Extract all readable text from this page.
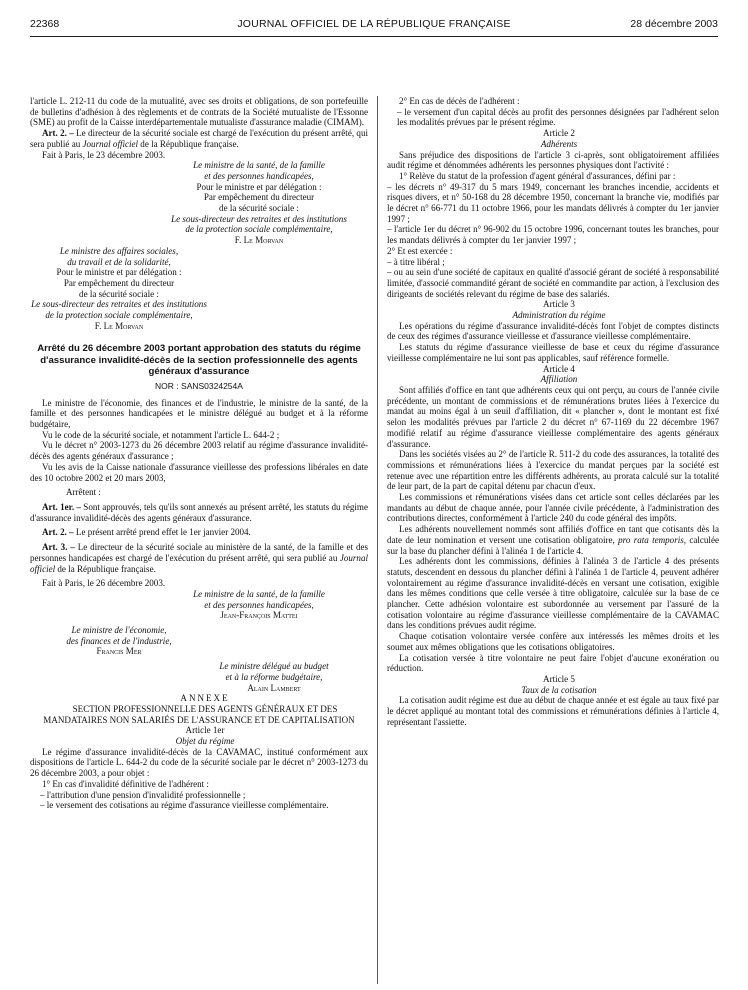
22368	JOURNAL OFFICIEL DE LA RÉPUBLIQUE FRANÇAISE	28 décembre 2003

l'article L. 212-11 du code de la mutualité, avec ses droits et obligations, de son portefeuille de bulletins d'adhésion à des règlements et de contrats de la Société mutualiste de l'Essonne (SME) au profit de la Caisse interdépartementale mutualiste d'assurance maladie (CIMAM).

Art. 2. – Le directeur de la sécurité sociale est chargé de l'exécution du présent arrêté, qui sera publié au Journal officiel de la République française.

Fait à Paris, le 23 décembre 2003.

Le ministre de la santé, de la famille

et des personnes handicapées,

Pour le ministre et par délégation :

Par empêchement du directeur

de la sécurité sociale :

Le sous-directeur des retraites et des institutions

de la protection sociale complémentaire,

F. Le Morvan

Le ministre des affaires sociales,

du travail et de la solidarité,

Pour le ministre et par délégation :

Par empêchement du directeur

de la sécurité sociale :

Le sous-directeur des retraites et des institutions

de la protection sociale complémentaire,

F. Le Morvan

Arrêté du 26 décembre 2003 portant approbation des statuts du régime d'assurance invalidité-décès de la section professionnelle des agents généraux d'assurance
NOR : SANS0324254A

Le ministre de l'économie, des finances et de l'industrie, le ministre de la santé, de la famille et des personnes handicapées et le ministre délégué au budget et à la réforme budgétaire,

Vu le code de la sécurité sociale, et notamment l'article L. 644-2 ;

Vu le décret n° 2003-1273 du 26 décembre 2003 relatif au régime d'assurance invalidité-décès des agents généraux d'assurance ;

Vu les avis de la Caisse nationale d'assurance vieillesse des professions libérales en date des 10 octobre 2002 et 20 mars 2003,

Arrêtent :

Art. 1er. – Sont approuvés, tels qu'ils sont annexés au présent arrêté, les statuts du régime d'assurance invalidité-décès des agents généraux d'assurance.

Art. 2. – Le présent arrêté prend effet le 1er janvier 2004.

Art. 3. – Le directeur de la sécurité sociale au ministère de la santé, de la famille et des personnes handicapées est chargé de l'exécution du présent arrêté, qui sera publié au Journal officiel de la République française.

Fait à Paris, le 26 décembre 2003.

Le ministre de la santé, de la famille

et des personnes handicapées,

Jean-François Mattei

Le ministre de l'économie,

des finances et de l'industrie,

Francis Mer

Le ministre délégué au budget

et à la réforme budgétaire,

Alain Lambert

ANNEXE

SECTION PROFESSIONNELLE DES AGENTS GÉNÉRAUX ET DES MANDATAIRES NON SALARIÉS DE L'ASSURANCE ET DE CAPITALISATION

Article 1er

Objet du régime

Le régime d'assurance invalidité-décès de la CAVAMAC, institué conformément aux dispositions de l'article L. 644-2 du code de la sécurité sociale par le décret n° 2003-1273 du 26 décembre 2003, a pour objet :

1° En cas d'invalidité définitive de l'adhérent :

– l'attribution d'une pension d'invalidité professionnelle ;

– le versement des cotisations au régime d'assurance vieillesse complémentaire.

2° En cas de décès de l'adhérent :

– le versement d'un capital décès au profit des personnes désignées par l'adhérent selon les modalités prévues par le présent régime.

Article 2

Adhérents

Sans préjudice des dispositions de l'article 3 ci-après, sont obligatoirement affiliées audit régime et dénommées adhérents les personnes physiques dont l'activité :

1° Relève du statut de la profession d'agent général d'assurances, défini par :

– les décrets n° 49-317 du 5 mars 1949, concernant les branches incendie, accidents et risques divers, et n° 50-168 du 28 décembre 1950, concernant la branche vie, modifiés par le décret n° 66-771 du 11 octobre 1966, pour les mandats délivrés à compter du 1er janvier 1997 ;

– l'article 1er du décret n° 96-902 du 15 octobre 1996, concernant toutes les branches, pour les mandats délivrés à compter du 1er janvier 1997 ;

2° Et est exercée :

– à titre libéral ;

– ou au sein d'une société de capitaux en qualité d'associé gérant de société à responsabilité limitée, d'associé commandité gérant de société en commandite par action, à l'exclusion des dirigeants de sociétés relevant du régime de base des salariés.

Article 3

Administration du régime

Les opérations du régime d'assurance invalidité-décès font l'objet de comptes distincts de ceux des régimes d'assurance vieillesse et d'assurance vieillesse complémentaire.

Les statuts du régime d'assurance vieillesse de base et ceux du régime d'assurance vieillesse complémentaire ne lui sont pas applicables, sauf référence formelle.

Article 4

Affiliation

Sont affiliés d'office en tant que adhérents ceux qui ont perçu, au cours de l'année civile précédente, un montant de commissions et de rémunérations brutes liées à l'exercice du mandat au moins égal à un seuil d'affiliation, dit « plancher », dont le montant est fixé selon les modalités prévues par l'article 2 du décret n° 67-1169 du 22 décembre 1967 modifié relatif au régime d'assurance vieillesse complémentaire des agents généraux d'assurance.

Dans les sociétés visées au 2° de l'article R. 511-2 du code des assurances, la totalité des commissions et rémunérations liées à l'exercice du mandat perçues par la société est retenue avec une répartition entre les différents adhérents, au prorata calculé sur la totalité de leur part, de la part de capital détenu par chacun d'eux.

Les commissions et rémunérations visées dans cet article sont celles déclarées par les mandants au début de chaque année, pour l'année civile précédente, à l'administration des contributions directes, conformément à l'article 240 du code général des impôts.

Les adhérents nouvellement nommés sont affiliés d'office en tant que cotisants dès la date de leur nomination et versent une cotisation obligatoire, pro rata temporis, calculée sur la base du plancher défini à l'alinéa 1 de l'article 4.

Les adhérents dont les commissions, définies à l'alinéa 3 de l'article 4 des présents statuts, descendent en dessous du plancher défini à l'alinéa 1 de l'article 4, peuvent adhérer volontairement au régime d'assurance invalidité-décès en versant une cotisation, exigible dans les mêmes conditions que celle versée à titre obligatoire, calculée sur la base de ce plancher. Cette adhésion volontaire est subordonnée au versement par l'assuré de la cotisation volontaire au régime d'assurance vieillesse complémentaire de la CAVAMAC dans les conditions prévues audit régime.

Chaque cotisation volontaire versée confère aux intéressés les mêmes droits et les soumet aux mêmes obligations que les cotisations obligatoires.

La cotisation versée à titre volontaire ne peut faire l'objet d'aucune exonération ou réduction.

Article 5

Taux de la cotisation

La cotisation audit régime est due au début de chaque année et est égale au taux fixé par le décret appliqué au montant total des commissions et rémunérations définies à l'article 4, représentant l'assiette.
